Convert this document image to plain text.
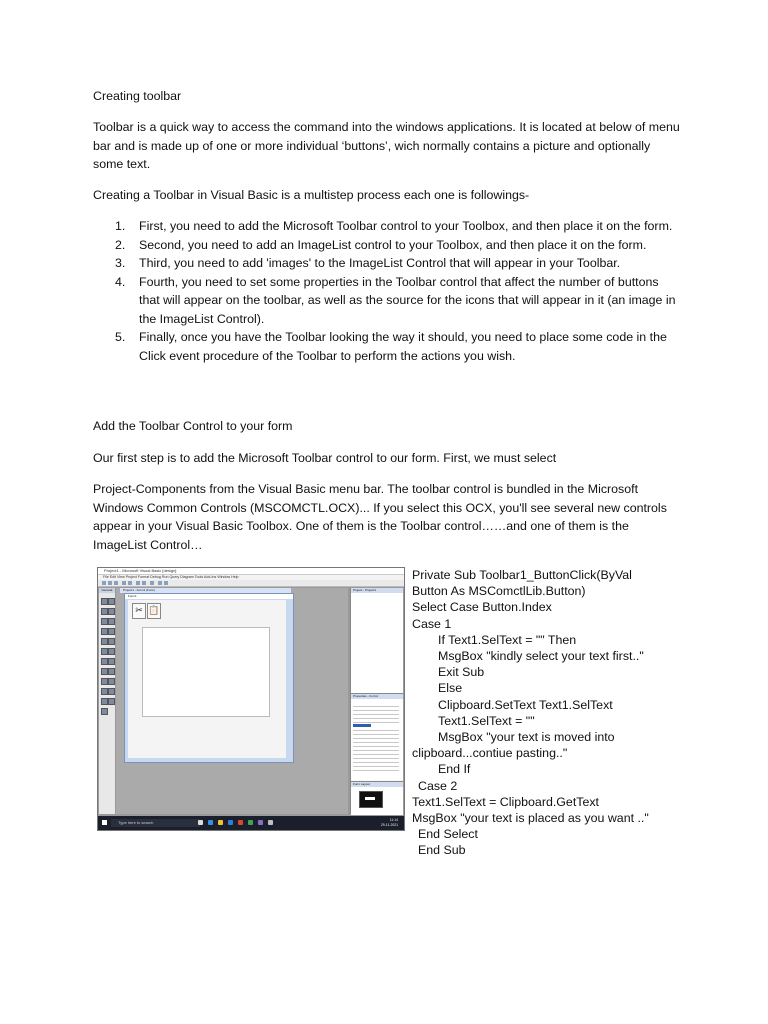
Creating toolbar

Toolbar is a quick way to access the command into the windows applications. It is located at below of menu bar and is made up of one or more individual ‘buttons’, wich normally contains a picture and optionally some text.

Creating a Toolbar in Visual Basic is a multistep process each one is followings-

1. First, you need to add the Microsoft Toolbar control to your Toolbox, and then place it on the form.
2. Second, you need to add an ImageList control to your Toolbox, and then place it on the form.
3. Third, you need to add 'images' to the ImageList Control that will appear in your Toolbar.
4. Fourth, you need to set some properties in the Toolbar control that affect the number of buttons that will appear on the toolbar, as well as the source for the icons that will appear in it (an image in the ImageList Control).
5. Finally, once you have the Toolbar looking the way it should, you need to place some code in the Click event procedure of the Toolbar to perform the actions you wish.

Add the Toolbar Control to your form

Our first step is to add the Microsoft Toolbar control to our form. First, we must select

Project-Components from the Visual Basic menu bar. The toolbar control is bundled in the Microsoft Windows Common Controls (MSCOMCTL.OCX)... If you select this OCX, you'll see several new controls appear in your Visual Basic Toolbox. One of them is the Toolbar control……and one of them is the ImageList Control…

Project1 - Microsoft Visual Basic [design]
File Edit View Project Format Debug Run Query Diagram Tools Add-Ins Window Help
General	Project1 - Form1 (Form)
Form1
✂ 📋
Project - Project1
Properties - Form1
Form Layout
Type here to search	11:14
29-11-2021
Private Sub Toolbar1_ButtonClick(ByVal
Button As MSComctlLib.Button)
Select Case Button.Index
Case 1
If Text1.SelText = "" Then
MsgBox "kindly select your text first.."
Exit Sub
Else
Clipboard.SetText Text1.SelText
Text1.SelText = ""
MsgBox "your text is moved into
clipboard...contiue pasting.."
End If
Case 2
Text1.SelText = Clipboard.GetText
MsgBox "your text is placed as you want .."
End Select
End Sub
